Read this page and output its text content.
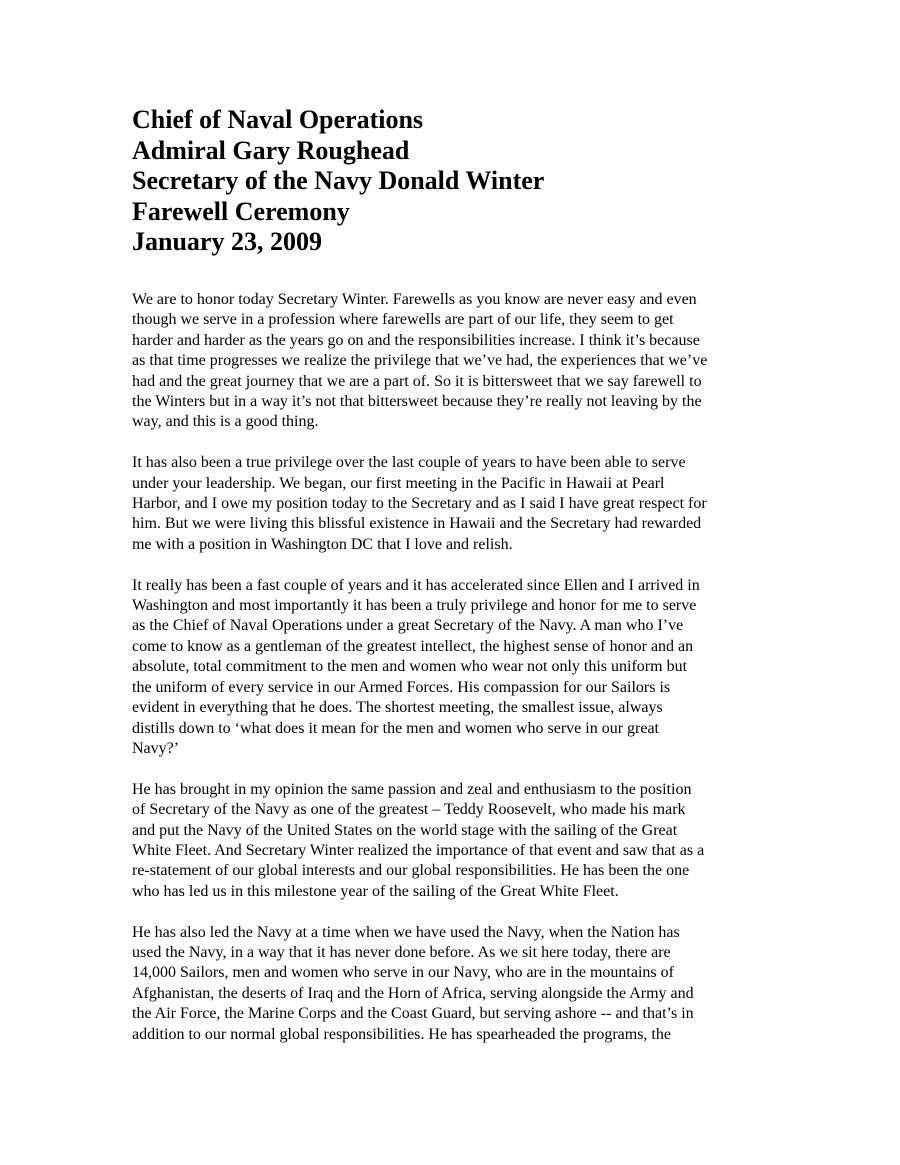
Chief of Naval Operations
Admiral Gary Roughead
Secretary of the Navy Donald Winter
Farewell Ceremony
January 23, 2009
We are to honor today Secretary Winter. Farewells as you know are never easy and even
though we serve in a profession where farewells are part of our life, they seem to get
harder and harder as the years go on and the responsibilities increase. I think it’s because
as that time progresses we realize the privilege that we’ve had, the experiences that we’ve
had and the great journey that we are a part of. So it is bittersweet that we say farewell to
the Winters but in a way it’s not that bittersweet because they’re really not leaving by the
way, and this is a good thing.
It has also been a true privilege over the last couple of years to have been able to serve
under your leadership. We began, our first meeting in the Pacific in Hawaii at Pearl
Harbor, and I owe my position today to the Secretary and as I said I have great respect for
him. But we were living this blissful existence in Hawaii and the Secretary had rewarded
me with a position in Washington DC that I love and relish.
It really has been a fast couple of years and it has accelerated since Ellen and I arrived in
Washington and most importantly it has been a truly privilege and honor for me to serve
as the Chief of Naval Operations under a great Secretary of the Navy. A man who I’ve
come to know as a gentleman of the greatest intellect, the highest sense of honor and an
absolute, total commitment to the men and women who wear not only this uniform but
the uniform of every service in our Armed Forces. His compassion for our Sailors is
evident in everything that he does. The shortest meeting, the smallest issue, always
distills down to ‘what does it mean for the men and women who serve in our great
Navy?’
He has brought in my opinion the same passion and zeal and enthusiasm to the position
of Secretary of the Navy as one of the greatest – Teddy Roosevelt, who made his mark
and put the Navy of the United States on the world stage with the sailing of the Great
White Fleet. And Secretary Winter realized the importance of that event and saw that as a
re-statement of our global interests and our global responsibilities. He has been the one
who has led us in this milestone year of the sailing of the Great White Fleet.
He has also led the Navy at a time when we have used the Navy, when the Nation has
used the Navy, in a way that it has never done before. As we sit here today, there are
14,000 Sailors, men and women who serve in our Navy, who are in the mountains of
Afghanistan, the deserts of Iraq and the Horn of Africa, serving alongside the Army and
the Air Force, the Marine Corps and the Coast Guard, but serving ashore -- and that’s in
addition to our normal global responsibilities. He has spearheaded the programs, the
